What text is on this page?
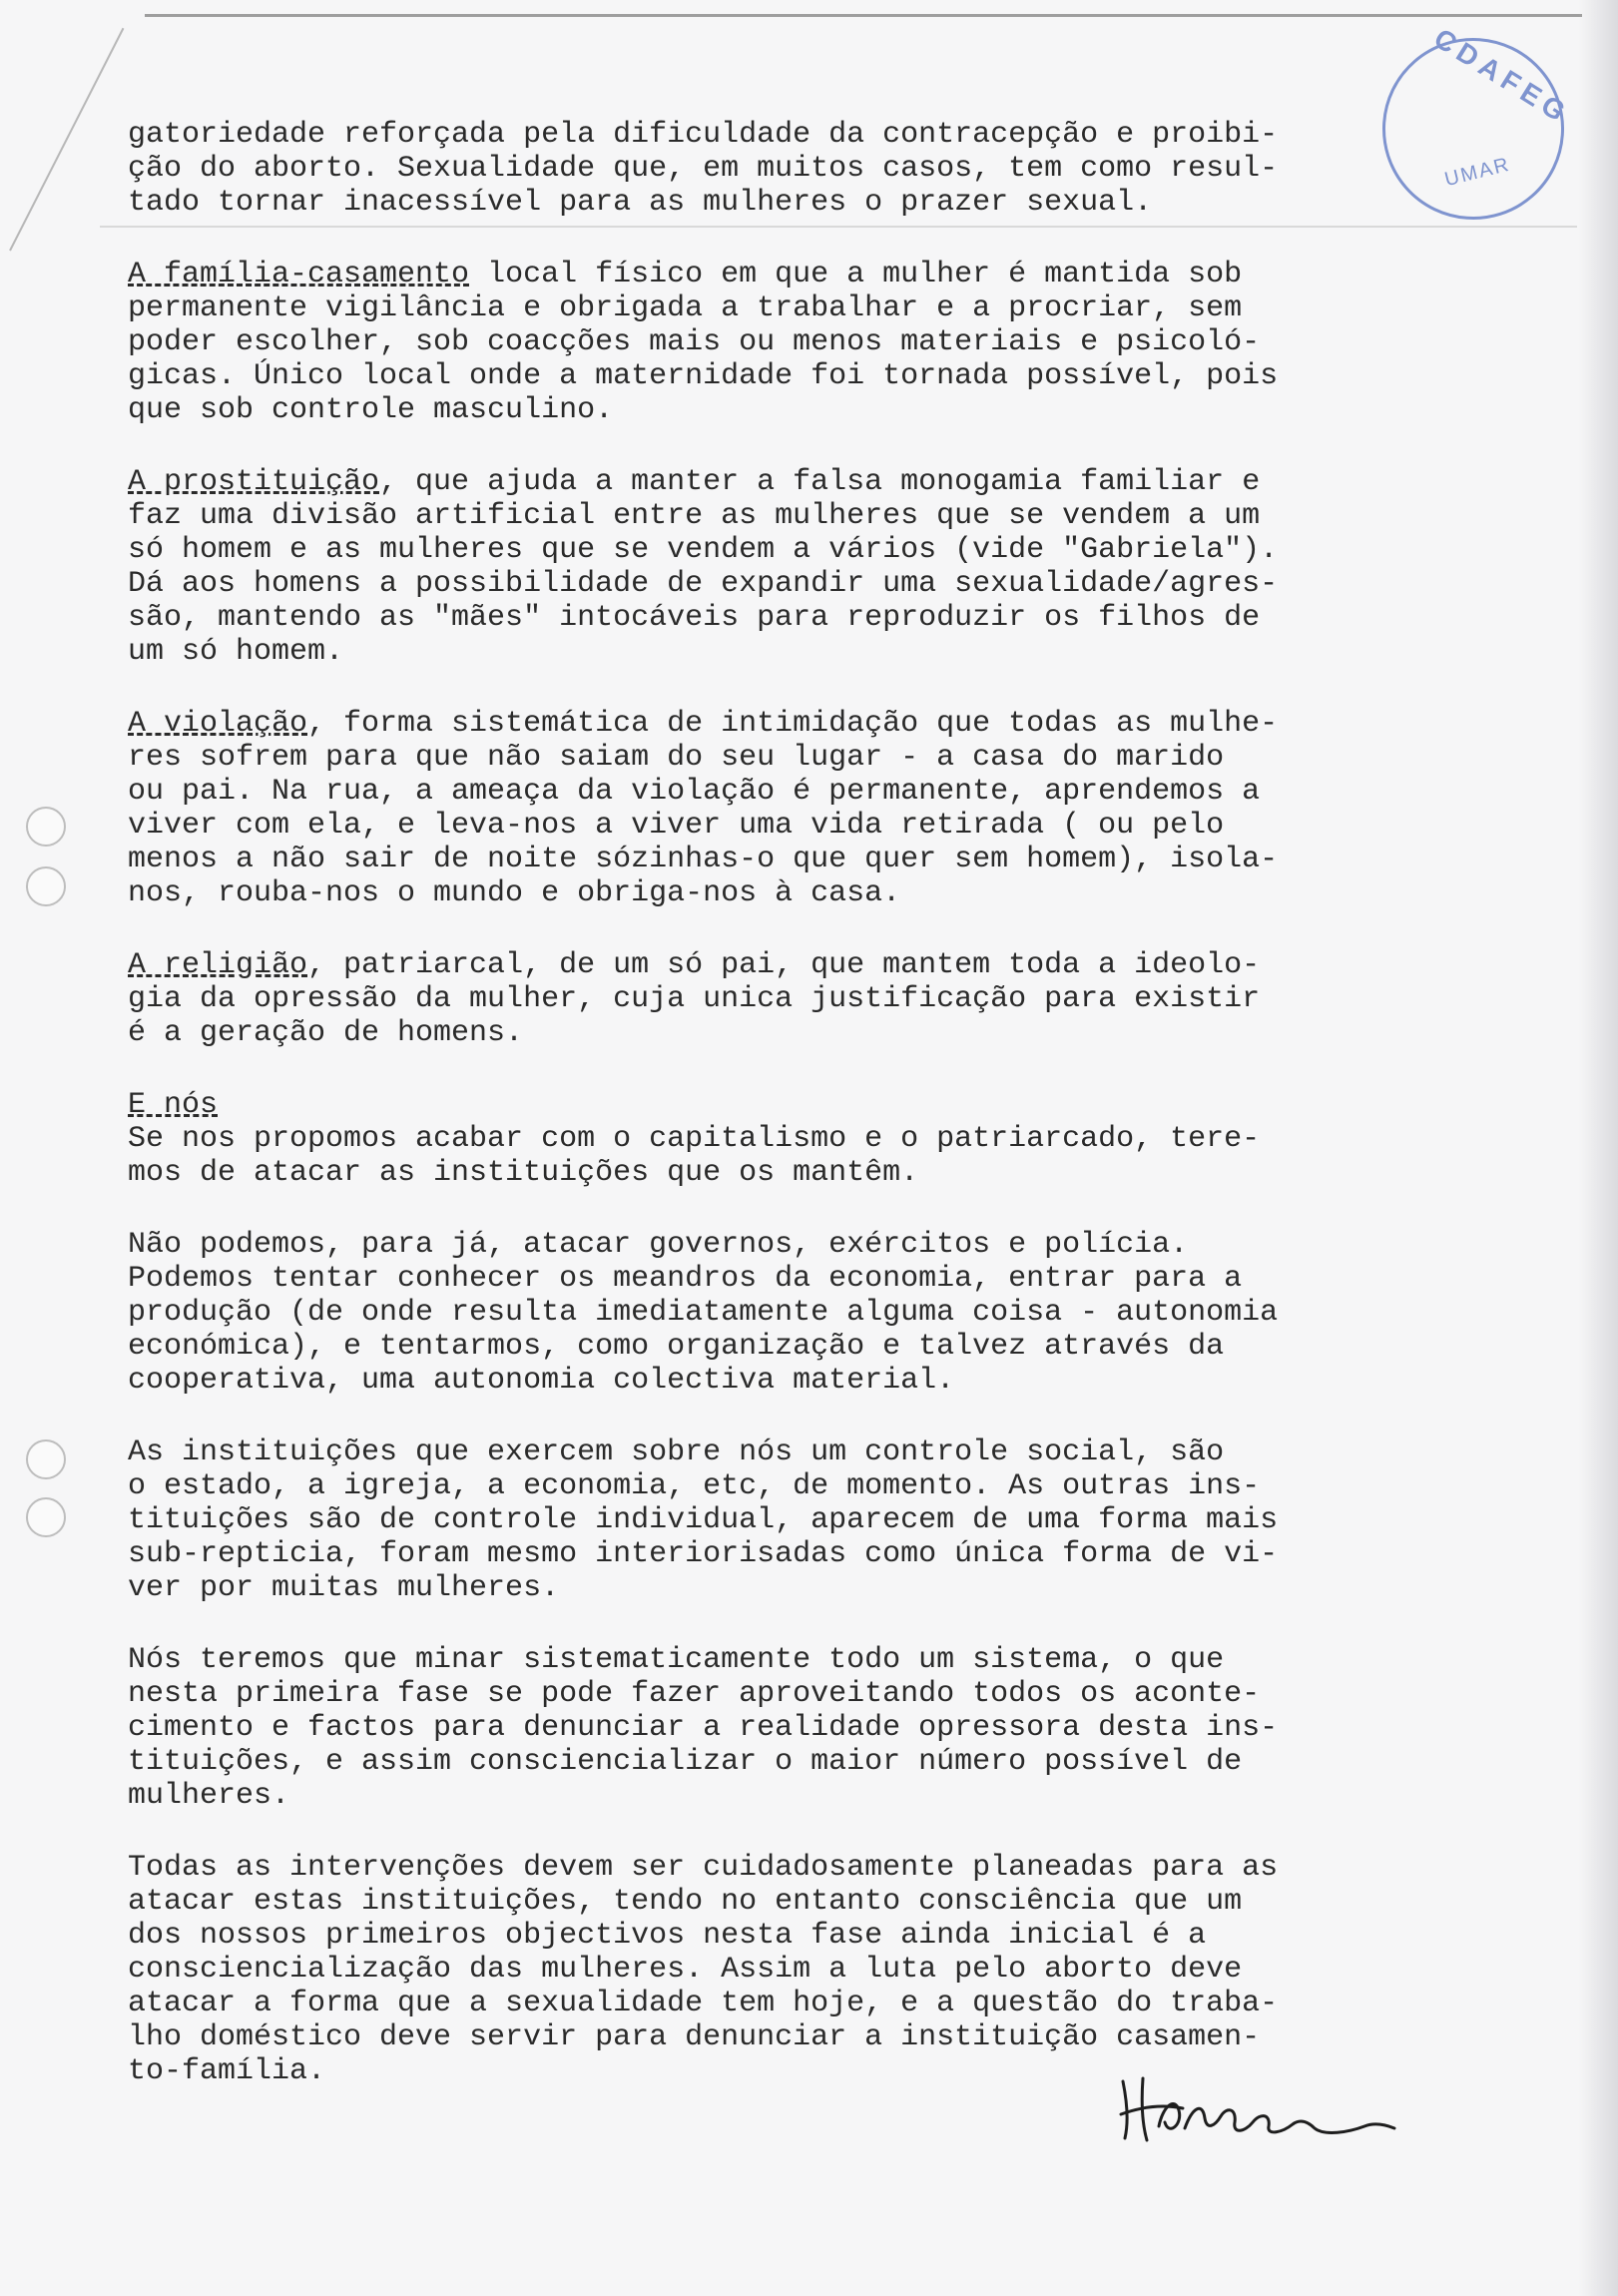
CDAFEG
UMAR

gatoriedade reforçada pela dificuldade da contracepção e proibi-

ção do aborto. Sexualidade que, em muitos casos, tem como resul-

tado tornar inacessível para as mulheres o prazer sexual.

A família-casamento local físico em que a mulher é mantida sob

permanente vigilância e obrigada a trabalhar e a procriar, sem

poder escolher, sob coacções mais ou menos materiais e psicoló-

gicas. Único local onde a maternidade foi tornada possível, pois

que sob controle masculino.

A prostituição, que ajuda a manter a falsa monogamia familiar e

faz uma divisão artificial entre as mulheres que se vendem a um

só homem e as mulheres que se vendem a vários (vide "Gabriela").

Dá aos homens a possibilidade de expandir uma sexualidade/agres-

são, mantendo as "mães" intocáveis para reproduzir os filhos de

um só homem.

A violação, forma sistemática de intimidação que todas as mulhe-

res sofrem para que não saiam do seu lugar - a casa do marido

ou pai. Na rua, a ameaça da violação é permanente, aprendemos a

viver com ela, e leva-nos a viver uma vida retirada ( ou pelo

menos a não sair de noite sózinhas-o que quer sem homem), isola-

nos, rouba-nos o mundo e obriga-nos à casa.

A religião, patriarcal, de um só pai, que mantem toda a ideolo-

gia da opressão da mulher, cuja unica justificação para existir

é a geração de homens.

E nós

Se nos propomos acabar com o capitalismo e o patriarcado, tere-

mos de atacar as instituições que os mantêm.

Não podemos, para já, atacar governos, exércitos e polícia.

Podemos tentar conhecer os meandros da economia, entrar para a

produção (de onde resulta imediatamente alguma coisa - autonomia

económica), e tentarmos, como organização e talvez através da

cooperativa, uma autonomia colectiva material.

As instituições que exercem sobre nós um controle social, são

o estado, a igreja, a economia, etc, de momento. As outras ins-

tituições são de controle individual, aparecem de uma forma mais

sub-repticia, foram mesmo interiorisadas como única forma de vi-

ver por muitas mulheres.

Nós teremos que minar sistematicamente todo um sistema, o que

nesta primeira fase se pode fazer aproveitando todos os aconte-

cimento e factos para denunciar a realidade opressora desta ins-

tituições, e assim consciencializar o maior número possível de

mulheres.

Todas as intervenções devem ser cuidadosamente planeadas para as

atacar estas instituições, tendo no entanto consciência que um

dos nossos primeiros objectivos nesta fase ainda inicial é a

consciencialização das mulheres. Assim a luta pelo aborto deve

atacar a forma que a sexualidade tem hoje, e a questão do traba-

lho doméstico deve servir para denunciar a instituição casamen-

to-família.
